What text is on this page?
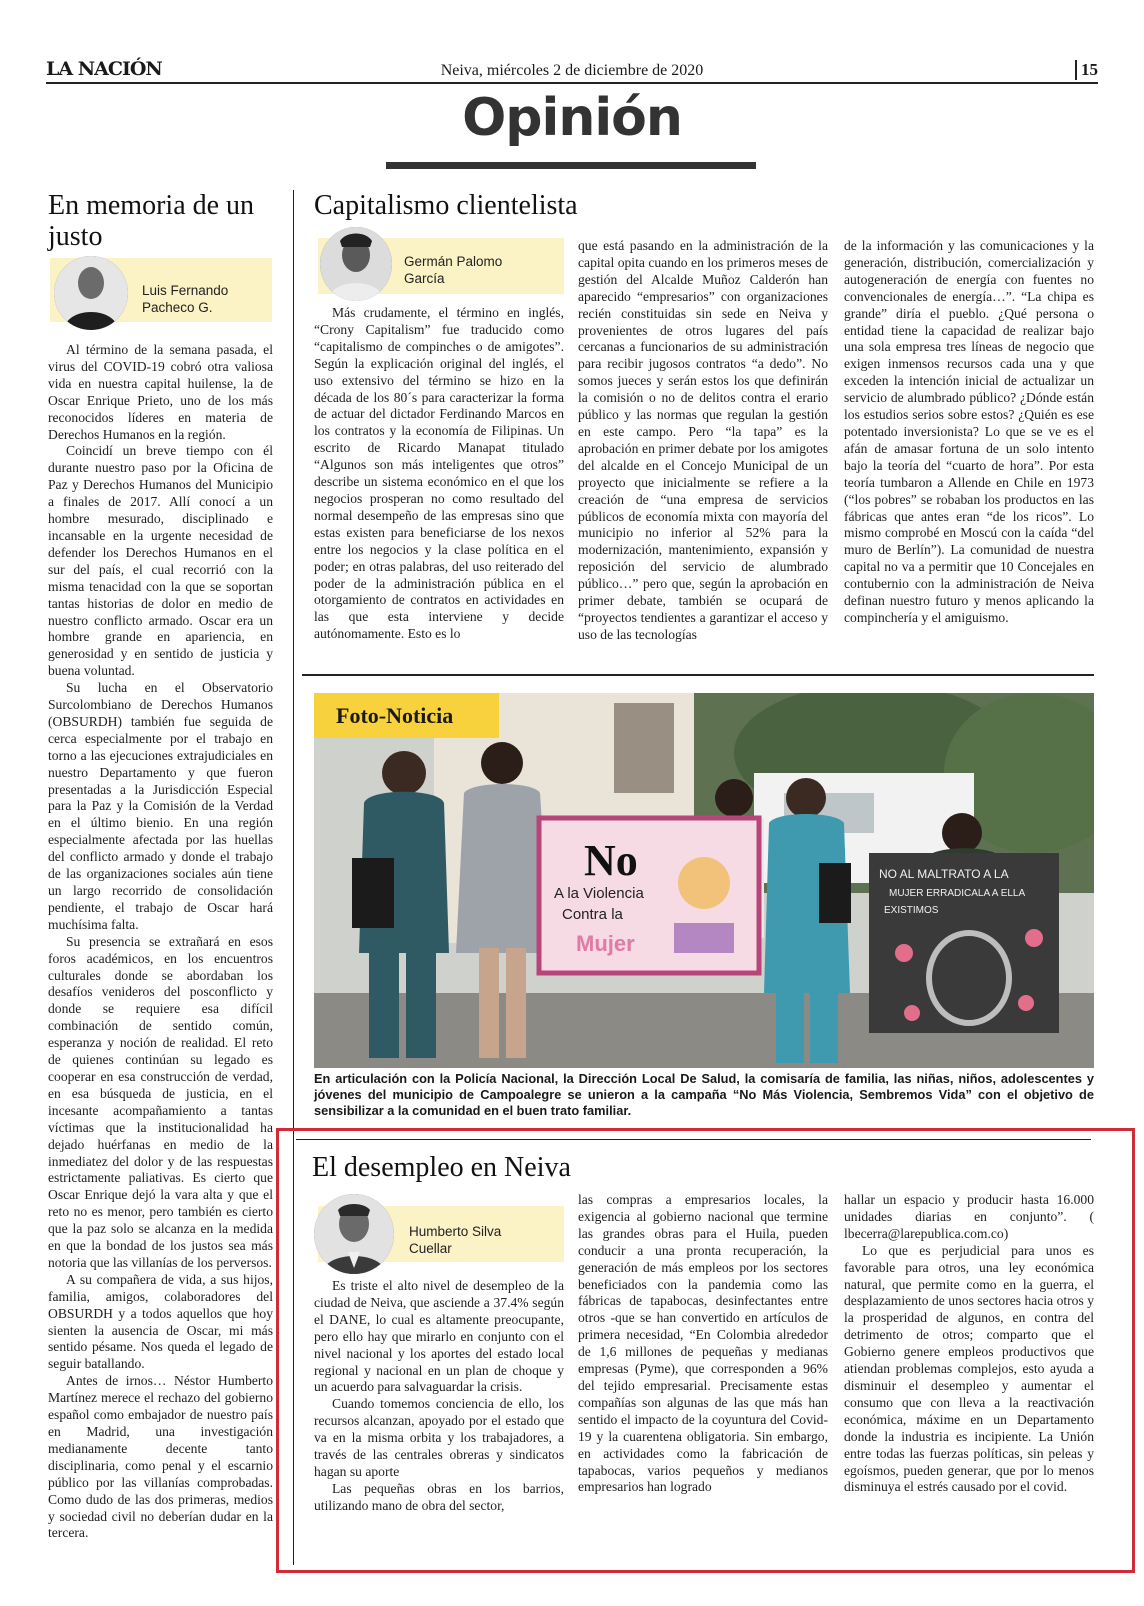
LA NACIÓN	Neiva, miércoles 2 de diciembre de 2020	15
Opinión
En memoria de un justo
Luis Fernando Pacheco G.

Al término de la semana pasada, el virus del COVID-19 cobró otra valiosa vida en nuestra capital huilense, la de Oscar Enrique Prieto, uno de los más reconocidos líderes en materia de Derechos Humanos en la región.

Coincidí un breve tiempo con él durante nuestro paso por la Oficina de Paz y Derechos Humanos del Municipio a finales de 2017. Allí conocí a un hombre mesurado, disciplinado e incansable en la urgente necesidad de defender los Derechos Humanos en el sur del país, el cual recorrió con la misma tenacidad con la que se soportan tantas historias de dolor en medio de nuestro conflicto armado. Oscar era un hombre grande en apariencia, en generosidad y en sentido de justicia y buena voluntad.

Su lucha en el Observatorio Surcolombiano de Derechos Humanos (OBSURDH) también fue seguida de cerca especialmente por el trabajo en torno a las ejecuciones extrajudiciales en nuestro Departamento y que fueron presentadas a la Jurisdicción Especial para la Paz y la Comisión de la Verdad en el último bienio. En una región especialmente afectada por las huellas del conflicto armado y donde el trabajo de las organizaciones sociales aún tiene un largo recorrido de consolidación pendiente, el trabajo de Oscar hará muchísima falta.

Su presencia se extrañará en esos foros académicos, en los encuentros culturales donde se abordaban los desafíos venideros del posconflicto y donde se requiere esa difícil combinación de sentido común, esperanza y noción de realidad. El reto de quienes continúan su legado es cooperar en esa construcción de verdad, en esa búsqueda de justicia, en el incesante acompañamiento a tantas víctimas que la institucionalidad ha dejado huérfanas en medio de la inmediatez del dolor y de las respuestas estrictamente paliativas. Es cierto que Oscar Enrique dejó la vara alta y que el reto no es menor, pero también es cierto que la paz solo se alcanza en la medida en que la bondad de los justos sea más notoria que las villanías de los perversos.

A su compañera de vida, a sus hijos, familia, amigos, colaboradores del OBSURDH y a todos aquellos que hoy sienten la ausencia de Oscar, mi más sentido pésame. Nos queda el legado de seguir batallando.

Antes de irnos… Néstor Humberto Martínez merece el rechazo del gobierno español como embajador de nuestro país en Madrid, una investigación medianamente decente tanto disciplinaria, como penal y el escarnio público por las villanías comprobadas. Como dudo de las dos primeras, medios y sociedad civil no deberían dudar en la tercera.

Capitalismo clientelista
Germán Palomo García

Más crudamente, el término en inglés, “Crony Capitalism” fue traducido como “capitalismo de compinches o de amigotes”. Según la explicación original del inglés, el uso extensivo del término se hizo en la década de los 80´s para caracterizar la forma de actuar del dictador Ferdinando Marcos en los contratos y la economía de Filipinas. Un escrito de Ricardo Manapat titulado “Algunos son más inteligentes que otros” describe un sistema económico en el que los negocios prosperan no como resultado del normal desempeño de las empresas sino que estas existen para beneficiarse de los nexos entre los negocios y la clase política en el poder; en otras palabras, del uso reiterado del poder de la administración pública en el otorgamiento de contratos en actividades en las que esta interviene y decide autónomamente. Esto es lo

que está pasando en la administración de la capital opita cuando en los primeros meses de gestión del Alcalde Muñoz Calderón han aparecido “empresarios” con organizaciones recién constituidas sin sede en Neiva y provenientes de otros lugares del país cercanas a funcionarios de su administración para recibir jugosos contratos “a dedo”. No somos jueces y serán estos los que definirán la comisión o no de delitos contra el erario público y las normas que regulan la gestión en este campo. Pero “la tapa” es la aprobación en primer debate por los amigotes del alcalde en el Concejo Municipal de un proyecto que inicialmente se refiere a la creación de “una empresa de servicios públicos de economía mixta con mayoría del municipio no inferior al 52% para la modernización, mantenimiento, expansión y reposición del servicio de alumbrado público…” pero que, según la aprobación en primer debate, también se ocupará de “proyectos tendientes a garantizar el acceso y uso de las tecnologías

de la información y las comunicaciones y la generación, distribución, comercialización y autogeneración de energía con fuentes no convencionales de energía…”. “La chipa es grande” diría el pueblo. ¿Qué persona o entidad tiene la capacidad de realizar bajo una sola empresa tres líneas de negocio que exigen inmensos recursos cada una y que exceden la intención inicial de actualizar un servicio de alumbrado público? ¿Dónde están los estudios serios sobre estos? ¿Quién es ese potentado inversionista? Lo que se ve es el afán de amasar fortuna de un solo intento bajo la teoría del “cuarto de hora”. Por esta teoría tumbaron a Allende en Chile en 1973 (“los pobres” se robaban los productos en las fábricas que antes eran “de los ricos”. Lo mismo comprobé en Moscú con la caída “del muro de Berlín”). La comunidad de nuestra capital no va a permitir que 10 Concejales en contubernio con la administración de Neiva definan nuestro futuro y menos aplicando la compinchería y el amiguismo.

Foto-Noticia
No
A la Violencia
Contra la
Mujer
NO AL MALTRATO A LA
MUJER ERRADICALA A ELLA
EXISTIMOS
En articulación con la Policía Nacional, la Dirección Local De Salud, la comisaría de familia, las niñas, niños, adolescentes y jóvenes del municipio de Campoalegre se unieron a la campaña “No Más Violencia, Sembremos Vida” con el objetivo de sensibilizar a la comunidad en el buen trato familiar.
El desempleo en Neiva
Humberto Silva Cuellar

Es triste el alto nivel de desempleo de la ciudad de Neiva, que asciende a 37.4% según el DANE, lo cual es altamente preocupante, pero ello hay que mirarlo en conjunto con el nivel nacional y los aportes del estado local regional y nacional en un plan de choque y un acuerdo para salvaguardar la crisis.

Cuando tomemos conciencia de ello, los recursos alcanzan, apoyado por el estado que va en la misma orbita y los trabajadores, a través de las centrales obreras y sindicatos hagan su aporte

Las pequeñas obras en los barrios, utilizando mano de obra del sector,

las compras a empresarios locales, la exigencia al gobierno nacional que termine las grandes obras para el Huila, pueden conducir a una pronta recuperación, la generación de más empleos por los sectores beneficiados con la pandemia como las fábricas de tapabocas, desinfectantes entre otros -que se han convertido en artículos de primera necesidad, “En Colombia alrededor de 1,6 millones de pequeñas y medianas empresas (Pyme), que corresponden a 96% del tejido empresarial. Precisamente estas compañías son algunas de las que más han sentido el impacto de la coyuntura del Covid-19 y la cuarentena obligatoria. Sin embargo, en actividades como la fabricación de tapabocas, varios pequeños y medianos empresarios han logrado

hallar un espacio y producir hasta 16.000 unidades diarias en conjunto”. ( lbecerra@larepublica.com.co)

Lo que es perjudicial para unos es favorable para otros, una ley económica natural, que permite como en la guerra, el desplazamiento de unos sectores hacia otros y la prosperidad de algunos, en contra del detrimento de otros; comparto que el Gobierno genere empleos productivos que atiendan problemas complejos, esto ayuda a disminuir el desempleo y aumentar el consumo que con lleva a la reactivación económica, máxime en un Departamento donde la industria es incipiente. La Unión entre todas las fuerzas políticas, sin peleas y egoísmos, pueden generar, que por lo menos disminuya el estrés causado por el covid.
